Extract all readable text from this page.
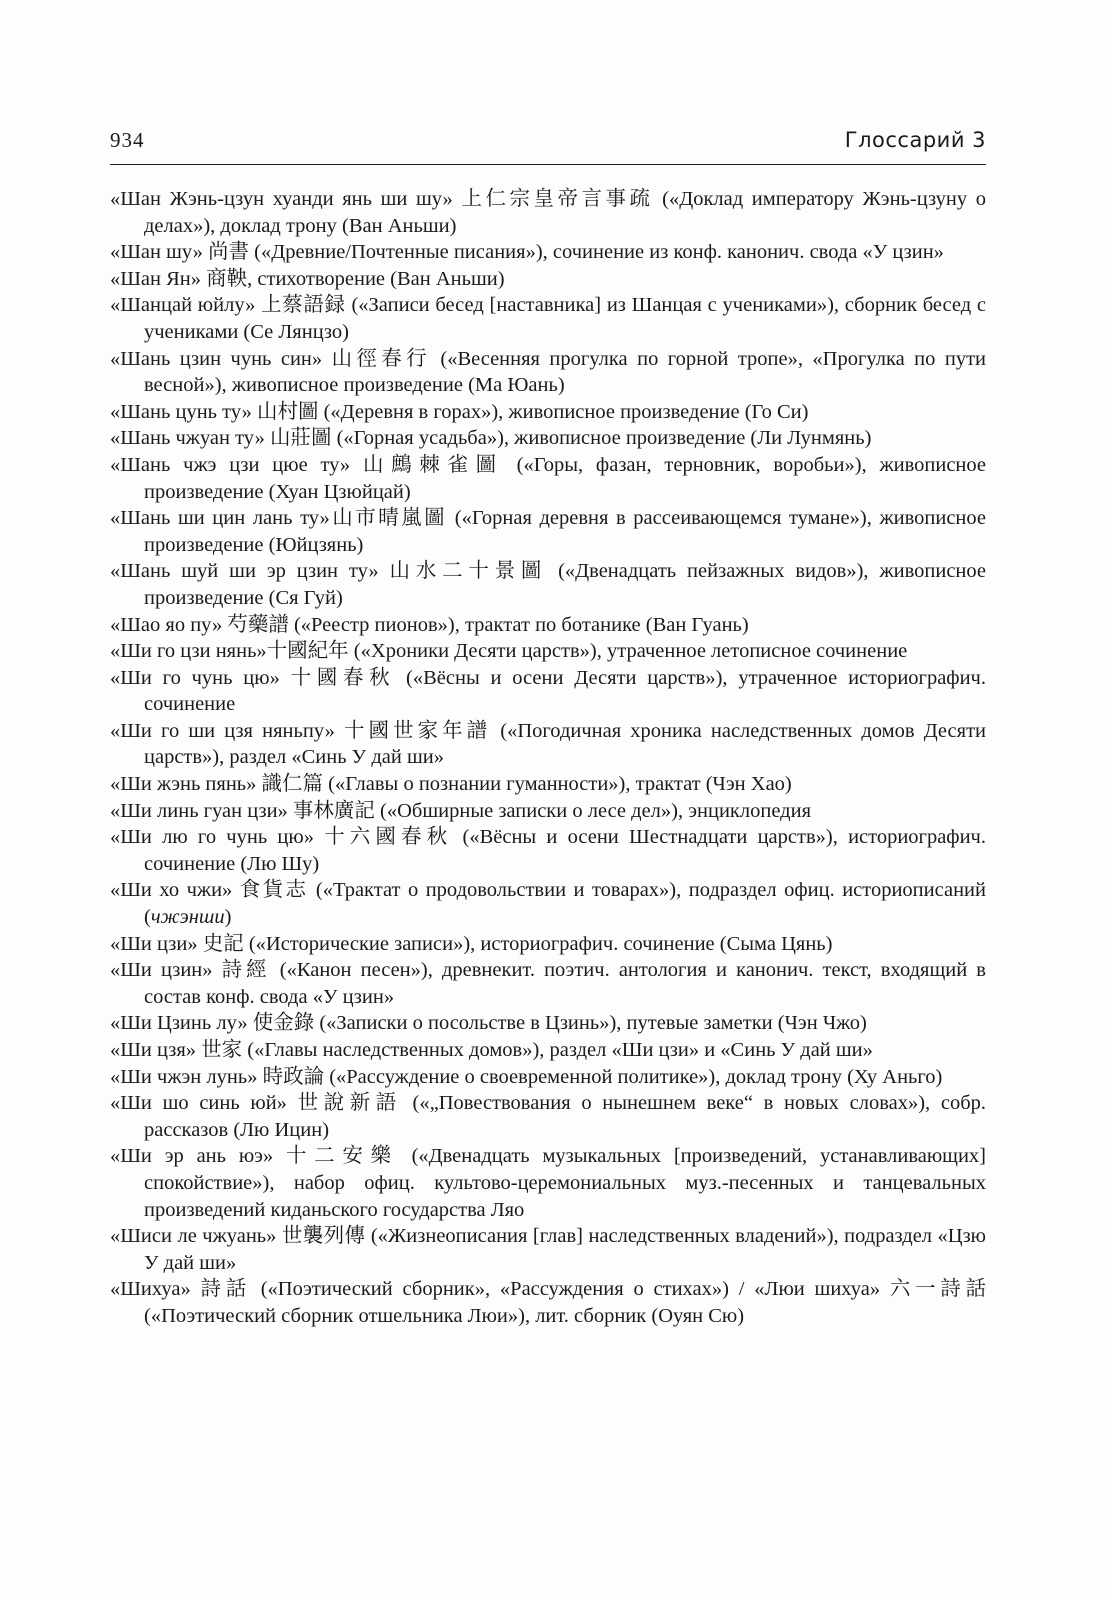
934	Глоссарий 3
«Шан Жэнь-цзун хуанди янь ши шу» 上仁宗皇帝言事疏 («Доклад императору Жэнь-цзуну о делах»), доклад трону (Ван Аньши)
«Шан шу» 尚書 («Древние/Почтенные писания»), сочинение из конф. канонич. свода «У цзин»
«Шан Ян» 商鞅, стихотворение (Ван Аньши)
«Шанцай юйлу» 上蔡語録 («Записи бесед [наставника] из Шанцая с учениками»), сборник бесед с учениками (Се Лянцзо)
«Шань цзин чунь син» 山徑春行 («Весенняя прогулка по горной тропе», «Прогулка по пути весной»), живописное произведение (Ма Юань)
«Шань цунь ту» 山村圖 («Деревня в горах»), живописное произведение (Го Си)
«Шань чжуан ту» 山莊圖 («Горная усадьба»), живописное произведение (Ли Лунмянь)
«Шань чжэ цзи цюе ту» 山鷓棘雀圖 («Горы, фазан, терновник, воробьи»), живописное произведение (Хуан Цзюйцай)
«Шань ши цин лань ту»山市晴嵐圖 («Горная деревня в рассеивающемся тумане»), живописное произведение (Юйцзянь)
«Шань шуй ши эр цзин ту» 山水二十景圖 («Двенадцать пейзажных видов»), живописное произведение (Ся Гуй)
«Шао яо пу» 芍藥譜 («Реестр пионов»), трактат по ботанике (Ван Гуань)
«Ши го цзи нянь»十國紀年 («Хроники Десяти царств»), утраченное летописное сочинение
«Ши го чунь цю» 十國春秋 («Вёсны и осени Десяти царств»), утраченное историографич. сочинение
«Ши го ши цзя няньпу» 十國世家年譜 («Погодичная хроника наследственных домов Десяти царств»), раздел «Синь У дай ши»
«Ши жэнь пянь» 識仁篇 («Главы о познании гуманности»), трактат (Чэн Хао)
«Ши линь гуан цзи» 事林廣記 («Обширные записки о лесе дел»), энциклопедия
«Ши лю го чунь цю» 十六國春秋 («Вёсны и осени Шестнадцати царств»), историографич. сочинение (Лю Шу)
«Ши хо чжи» 食貨志 («Трактат о продовольствии и товарах»), подраздел офиц. историописаний (чжэнши)
«Ши цзи» 史記 («Исторические записи»), историографич. сочинение (Сыма Цянь)
«Ши цзин» 詩經 («Канон песен»), древнекит. поэтич. антология и канонич. текст, входящий в состав конф. свода «У цзин»
«Ши Цзинь лу» 使金錄 («Записки о посольстве в Цзинь»), путевые заметки (Чэн Чжо)
«Ши цзя» 世家 («Главы наследственных домов»), раздел «Ши цзи» и «Синь У дай ши»
«Ши чжэн лунь» 時政論 («Рассуждение о своевременной политике»), доклад трону (Ху Аньго)
«Ши шо синь юй» 世說新語 («„Повествования о нынешнем веке“ в новых словах»), собр. рассказов (Лю Ицин)
«Ши эр ань юэ» 十二安樂 («Двенадцать музыкальных [произведений, устанавливающих] спокойствие»), набор офиц. культово-церемониальных муз.-песенных и танцевальных произведений киданьского государства Ляо
«Шиси ле чжуань» 世襲列傳 («Жизнеописания [глав] наследственных владений»), подраздел «Цзю У дай ши»
«Шихуа» 詩話 («Поэтический сборник», «Рассуждения о стихах») / «Люи шихуа» 六一詩話 («Поэтический сборник отшельника Люи»), лит. сборник (Оуян Сю)
